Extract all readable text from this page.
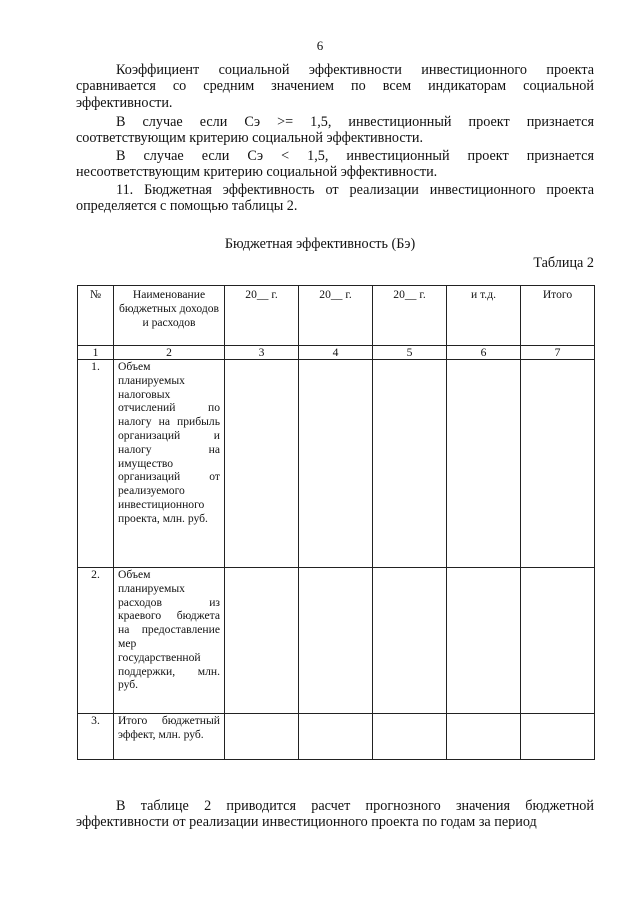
6

Коэффициент социальной эффективности инвестиционного проекта сравнивается со средним значением по всем индикаторам социальной эффективности.

В случае если Сэ >= 1,5, инвестиционный проект признается соответствующим критерию социальной эффективности.

В случае если Сэ < 1,5, инвестиционный проект признается несоответствующим критерию социальной эффективности.

11. Бюджетная эффективность от реализации инвестиционного проекта определяется с помощью таблицы 2.

Бюджетная эффективность (Бэ)
Таблица 2
№	Наименование бюджетных доходов и расходов	20__ г.	20__ г.	20__ г.	и т.д.	Итого
1	2	3	4	5	6	7
1.	Объем планируемых налоговых отчислений по налогу на прибыль организаций и налогу на имущество организаций от реализуемого инвестиционного проекта, млн. руб.					
2.	Объем планируемых расходов из краевого бюджета на предоставление мер государственной поддержки, млн. руб.					
3.	Итого бюджетный эффект, млн. руб.					

В таблице 2 приводится расчет прогнозного значения бюджетной эффективности от реализации инвестиционного проекта по годам за период
